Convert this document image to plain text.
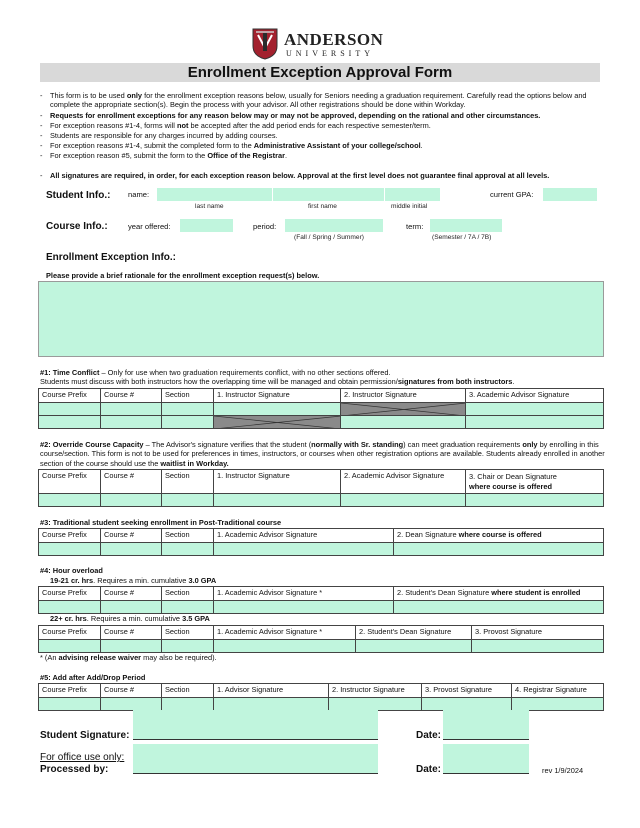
ANDERSON
UNIVERSITY
Enrollment Exception Approval Form
-	This form is to be used only for the enrollment exception reasons below, usually for Seniors needing a graduation requirement. Carefully read the options below and complete the appropriate section(s). Begin the process with your advisor. All other registrations should be done within Workday.
-	Requests for enrollment exceptions for any reason below may or may not be approved, depending on the rational and other circumstances.
-	For exception reasons #1-4, forms will not be accepted after the add period ends for each respective semester/term.
-	Students are responsible for any charges incurred by adding courses.
-	For exception reasons #1-4, submit the completed form to the Administrative Assistant of your college/school.
-	For exception reason #5, submit the form to the Office of the Registrar.
-	All signatures are required, in order, for each exception reason below. Approval at the first level does not guarantee final approval at all levels.
Student Info.: name:
last name	first name	middle initial
current GPA:
Course Info.:	year offered:	period:
(Fall / Spring / Summer)
term:
(Semester / 7A / 7B)
Enrollment Exception Info.:
Please provide a brief rationale for the enrollment exception request(s) below.
#1: Time Conflict – Only for use when two graduation requirements conflict, with no other sections offered.
Students must discuss with both instructors how the overlapping time will be managed and obtain permission/signatures from both instructors.
Course Prefix	Course #	Section	1. Instructor Signature	2. Instructor Signature	3. Academic Advisor Signature

#2: Override Course Capacity – The Advisor's signature verifies that the student (normally with Sr. standing) can meet graduation requirements only by enrolling in this course/section. This form is not to be used for preferences in times, instructors, or courses when other registration options are available. Students already enrolled in another section of the course should use the waitlist in Workday.
Course Prefix	Course #	Section	1. Instructor Signature	2. Academic Advisor Signature	3. Chair or Dean Signature
where course is offered

#3: Traditional student seeking enrollment in Post-Traditional course
Course Prefix	Course #	Section	1. Academic Advisor Signature	2. Dean Signature where course is offered

#4: Hour overload
19-21 cr. hrs. Requires a min. cumulative 3.0 GPA
Course Prefix	Course #	Section	1. Academic Advisor Signature *	2. Student's Dean Signature where student is enrolled

22+ cr. hrs. Requires a min. cumulative 3.5 GPA
Course Prefix	Course #	Section	1. Academic Advisor Signature *	2. Student's Dean Signature	3. Provost Signature

* (An advising release waiver may also be required).
#5: Add after Add/Drop Period
Course Prefix	Course #	Section	1. Advisor Signature	2. Instructor Signature	3. Provost Signature	4. Registrar Signature

Student Signature:	Date:
For office use only:
Processed by:	Date:	rev 1/9/2024
